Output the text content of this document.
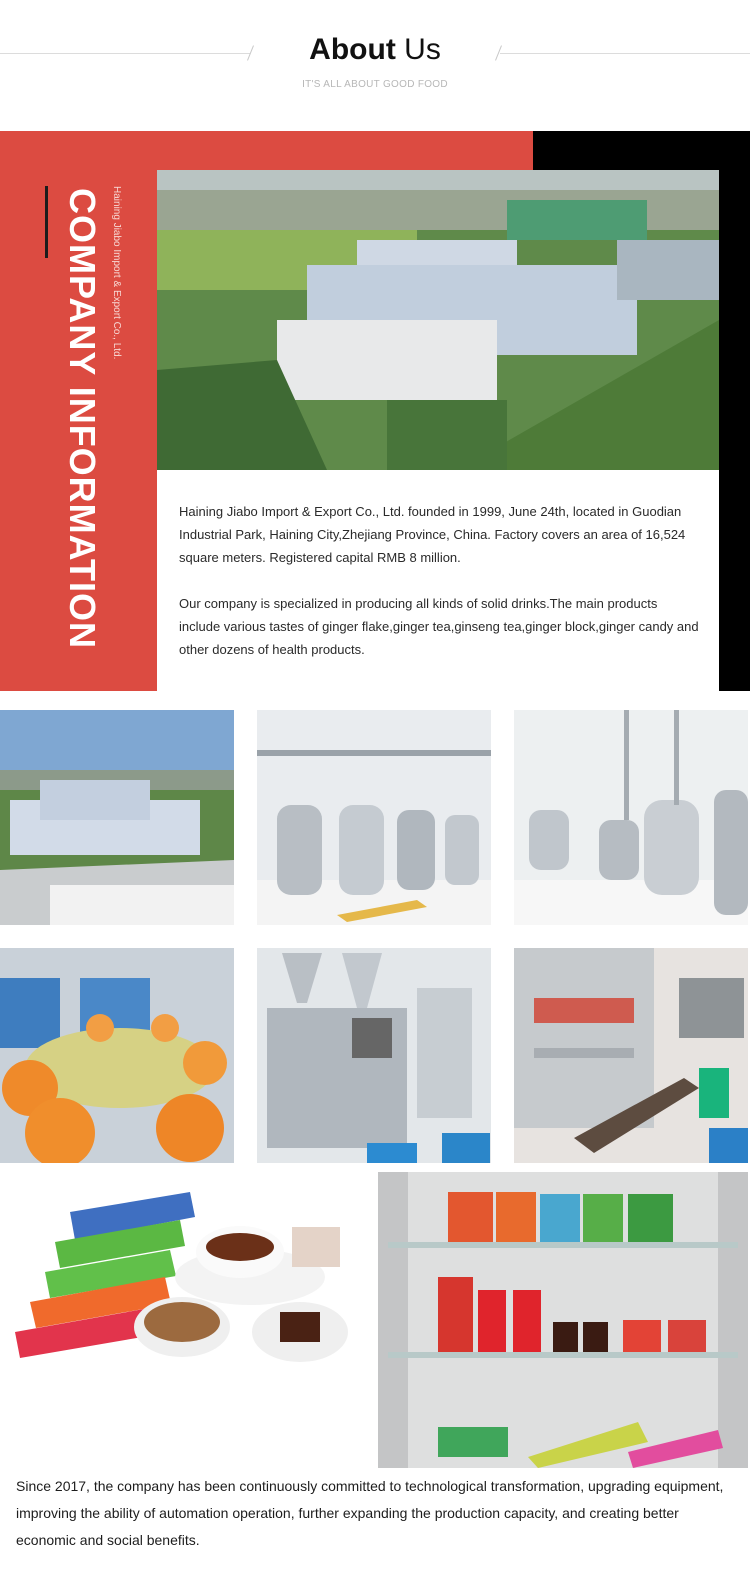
About Us
IT'S ALL ABOUT GOOD FOOD
COMPANY INFORMATION Haining Jiabo Import & Export Co., Ltd.
Haining Jiabo Import & Export Co., Ltd. founded in 1999, June 24th, located in Guodian Industrial Park, Haining City,Zhejiang Province, China. Factory covers an area of 16,524 square meters. Registered capital RMB 8 million.
Our company is specialized in producing all kinds of solid drinks.The main products include various tastes of ginger flake,ginger tea,ginseng tea,ginger block,ginger candy and other dozens of health products.
Since 2017, the company has been continuously committed to technological transformation, upgrading equipment, improving the ability of automation operation, further expanding the production capacity, and creating better economic and social benefits.
